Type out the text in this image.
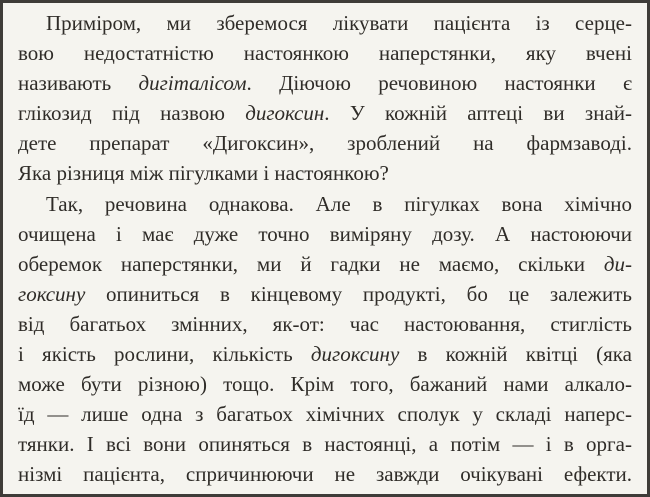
Приміром, ми зберемося лікувати пацієнта із серце-
вою недостатністю настоянкою наперстянки, яку вчені
називають дигіталісом. Діючою речовиною настоянки є
глікозид під назвою дигоксин. У кожній аптеці ви знай-
дете препарат «Дигоксин», зроблений на фармзаводі.
Яка різниця між пігулками і настоянкою?
Так, речовина однакова. Але в пігулках вона хімічно
очищена і має дуже точно виміряну дозу. А настоюючи
оберемок наперстянки, ми й гадки не маємо, скільки ди-
гоксину опиниться в кінцевому продукті, бо це залежить
від багатьох змінних, як-от: час настоювання, стиглість
і якість рослини, кількість дигоксину в кожній квітці (яка
може бути різною) тощо. Крім того, бажаний нами алкало-
їд — лише одна з багатьох хімічних сполук у складі наперс-
тянки. І всі вони опиняться в настоянці, а потім — і в орга-
нізмі пацієнта, спричинюючи не завжди очікувані ефекти.
